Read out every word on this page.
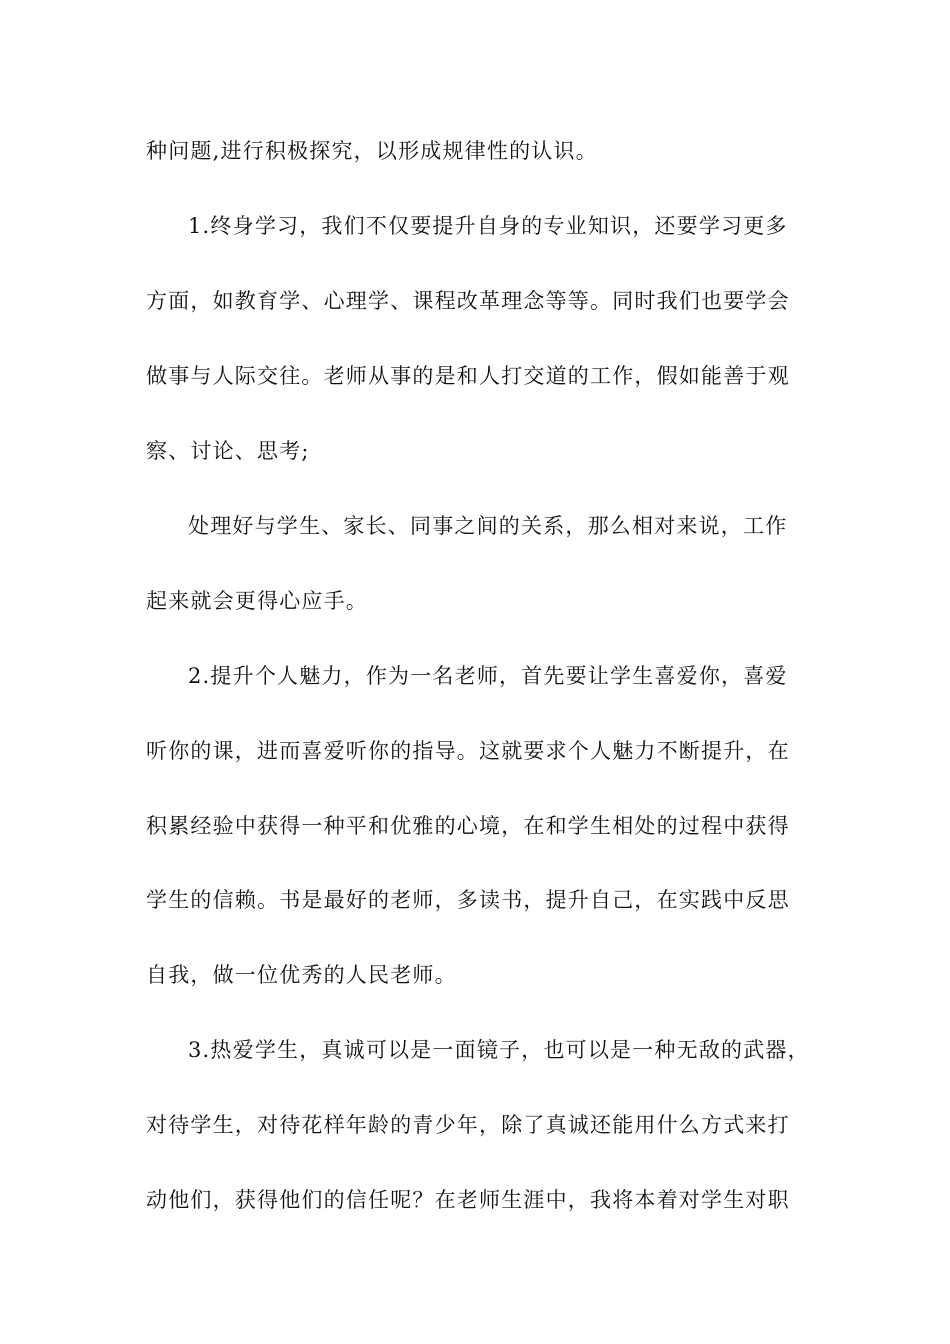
种问题,进行积极探究，以形成规律性的认识。
1.终身学习，我们不仅要提升自身的专业知识，还要学习更多
方面，如教育学、心理学、课程改革理念等等。同时我们也要学会
做事与人际交往。老师从事的是和人打交道的工作，假如能善于观
察、讨论、思考;
处理好与学生、家长、同事之间的关系，那么相对来说，工作
起来就会更得心应手。
2.提升个人魅力，作为一名老师，首先要让学生喜爱你，喜爱
听你的课，进而喜爱听你的指导。这就要求个人魅力不断提升，在
积累经验中获得一种平和优雅的心境，在和学生相处的过程中获得
学生的信赖。书是最好的老师，多读书，提升自己，在实践中反思
自我，做一位优秀的人民老师。
3.热爱学生，真诚可以是一面镜子，也可以是一种无敌的武器，
对待学生，对待花样年龄的青少年，除了真诚还能用什么方式来打
动他们，获得他们的信任呢？在老师生涯中，我将本着对学生对职
